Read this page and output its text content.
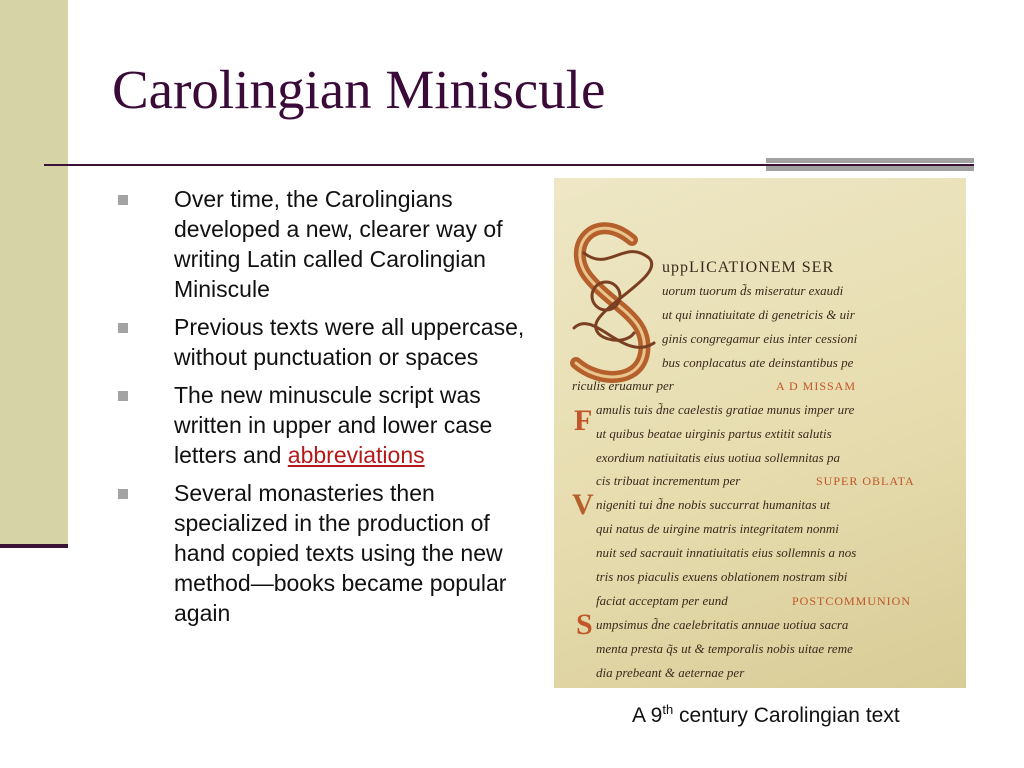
Carolingian Miniscule
Over time, the Carolingians developed a new, clearer way of writing Latin called Carolingian Miniscule
Previous texts were all uppercase, without punctuation or spaces
The new minuscule script was written in upper and lower case letters and abbreviations
Several monasteries then specialized in the production of hand copied texts using the new method—books became popular again
F
V
S
uppLICATIONEM SER
uorum tuorum d̃s miseratur exaudi
ut qui innatiuitate di genetricis & uir
ginis congregamur eius inter cessioni
bus conplacatus ate deinstantibus pe
riculis eruamur per	A D MISSAM
amulis tuis d̃ne caelestis gratiae munus imper ure
ut quibus beatae uirginis partus extitit salutis
exordium natiuitatis eius uotiua sollemnitas pa
cis tribuat incrementum per	SUPER OBLATA
nigeniti tui d̃ne nobis succurrat humanitas ut
qui natus de uirgine matris integritatem nonmi
nuit sed sacrauit innatiuitatis eius sollemnis a nos
tris nos piaculis exuens oblationem nostram sibi
faciat acceptam per eund	POSTCOMMUNION
umpsimus d̃ne caelebritatis annuae uotiua sacra
menta presta q̃s ut & temporalis nobis uitae reme
dia prebeant & aeternae per
A 9th century Carolingian text
